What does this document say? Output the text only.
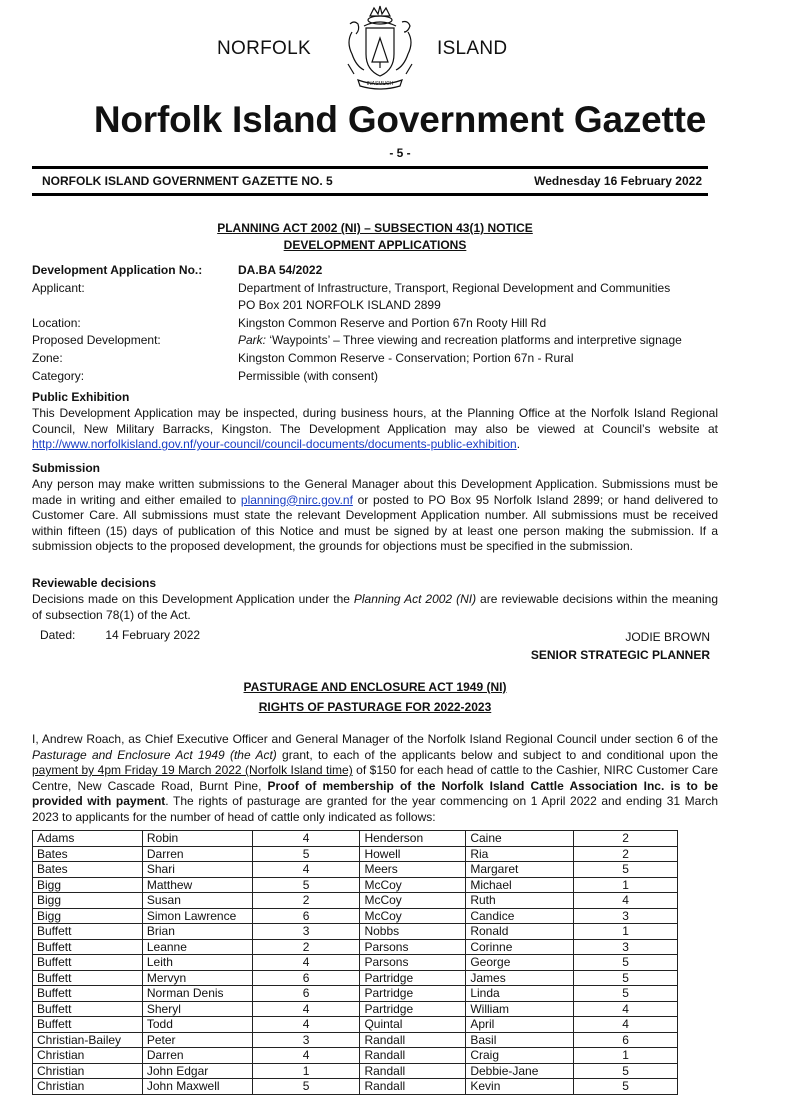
NORFOLK
INASMUCH
ISLAND
Norfolk Island Government Gazette
- 5 -
NORFOLK ISLAND GOVERNMENT GAZETTE NO. 5	Wednesday 16 February 2022
PLANNING ACT 2002 (NI) – SUBSECTION 43(1) NOTICE
DEVELOPMENT APPLICATIONS
Development Application No.:	DA.BA 54/2022
Applicant:	Department of Infrastructure, Transport, Regional Development and Communities
PO Box 201 NORFOLK ISLAND 2899
Location:	Kingston Common Reserve and Portion 67n Rooty Hill Rd
Proposed Development:	Park: ‘Waypoints’ – Three viewing and recreation platforms and interpretive signage
Zone:	Kingston Common Reserve - Conservation; Portion 67n - Rural
Category:	Permissible (with consent)
Public Exhibition
This Development Application may be inspected, during business hours, at the Planning Office at the Norfolk Island Regional Council, New Military Barracks, Kingston. The Development Application may also be viewed at Council’s website at http://www.norfolkisland.gov.nf/your-council/council-documents/documents-public-exhibition.
Submission
Any person may make written submissions to the General Manager about this Development Application. Submissions must be made in writing and either emailed to planning@nirc.gov.nf or posted to PO Box 95 Norfolk Island 2899; or hand delivered to Customer Care. All submissions must state the relevant Development Application number. All submissions must be received within fifteen (15) days of publication of this Notice and must be signed by at least one person making the submission. If a submission objects to the proposed development, the grounds for objections must be specified in the submission.
Reviewable decisions
Decisions made on this Development Application under the Planning Act 2002 (NI) are reviewable decisions within the meaning of subsection 78(1) of the Act.
Dated:	14 February 2022	JODIE BROWN
SENIOR STRATEGIC PLANNER
PASTURAGE AND ENCLOSURE ACT 1949 (NI)
RIGHTS OF PASTURAGE FOR 2022-2023
I, Andrew Roach, as Chief Executive Officer and General Manager of the Norfolk Island Regional Council under section 6 of the Pasturage and Enclosure Act 1949 (the Act) grant, to each of the applicants below and subject to and conditional upon the payment by 4pm Friday 19 March 2022 (Norfolk Island time) of $150 for each head of cattle to the Cashier, NIRC Customer Care Centre, New Cascade Road, Burnt Pine, Proof of membership of the Norfolk Island Cattle Association Inc. is to be provided with payment. The rights of pasturage are granted for the year commencing on 1 April 2022 and ending 31 March 2023 to applicants for the number of head of cattle only indicated as follows:
Adams	Robin	4	Henderson	Caine	2
Bates	Darren	5	Howell	Ria	2
Bates	Shari	4	Meers	Margaret	5
Bigg	Matthew	5	McCoy	Michael	1
Bigg	Susan	2	McCoy	Ruth	4
Bigg	Simon Lawrence	6	McCoy	Candice	3
Buffett	Brian	3	Nobbs	Ronald	1
Buffett	Leanne	2	Parsons	Corinne	3
Buffett	Leith	4	Parsons	George	5
Buffett	Mervyn	6	Partridge	James	5
Buffett	Norman Denis	6	Partridge	Linda	5
Buffett	Sheryl	4	Partridge	William	4
Buffett	Todd	4	Quintal	April	4
Christian-Bailey	Peter	3	Randall	Basil	6
Christian	Darren	4	Randall	Craig	1
Christian	John Edgar	1	Randall	Debbie-Jane	5
Christian	John Maxwell	5	Randall	Kevin	5
